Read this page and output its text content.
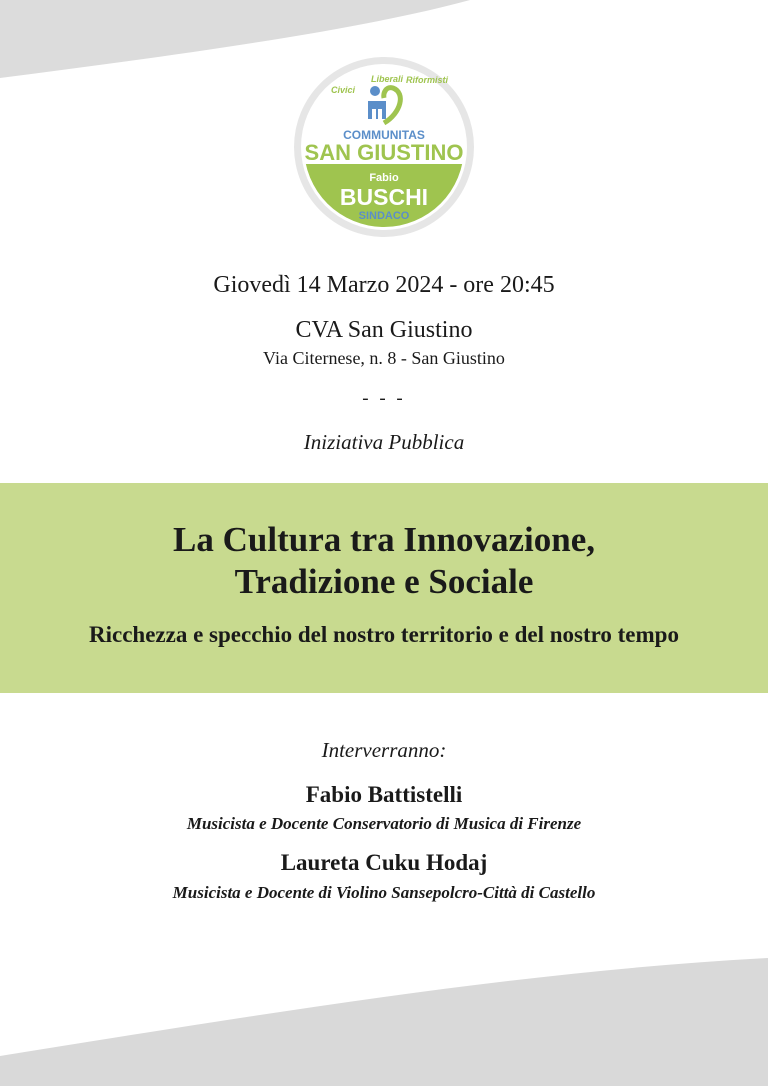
Civici
Liberali Riformisti
COMMUNITAS
SAN GIUSTINO
Fabio
BUSCHI
SINDACO
Giovedì 14 Marzo 2024 - ore 20:45
CVA San Giustino
Via Citernese, n. 8 - San Giustino
- - -
Iniziativa Pubblica
La Cultura tra Innovazione,
Tradizione e Sociale
Ricchezza e specchio del nostro territorio e del nostro tempo
Interverranno:
Fabio Battistelli
Musicista e Docente Conservatorio di Musica di Firenze
Laureta Cuku Hodaj
Musicista e Docente di Violino Sansepolcro-Città di Castello
